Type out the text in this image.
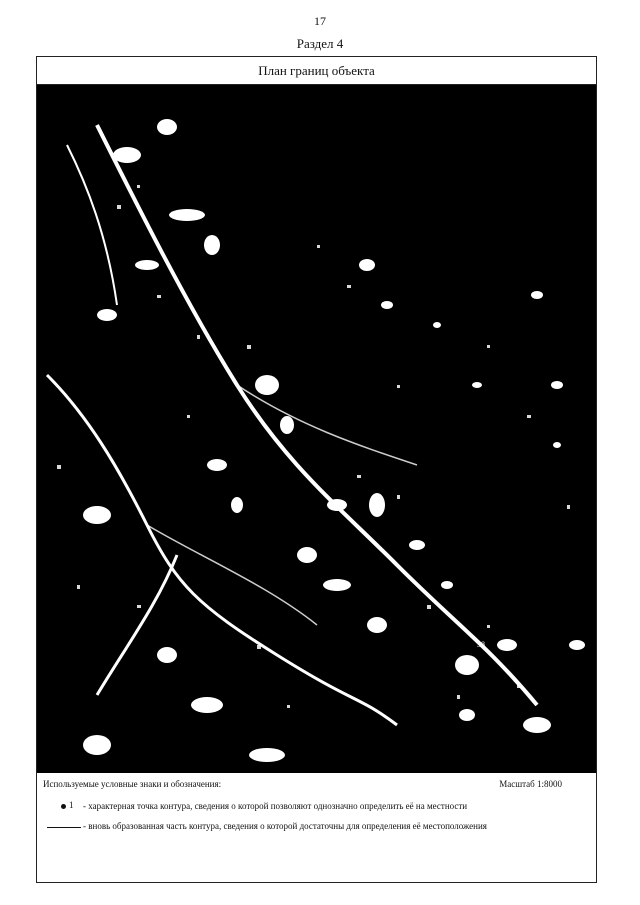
17
Раздел 4
План границ объекта
38
Используемые условные знаки и обозначения:	Масштаб 1:8000
1 - характерная точка контура, сведения о которой позволяют однозначно определить её на местности
- вновь образованная часть контура, сведения о которой достаточны для определения её местоположения
